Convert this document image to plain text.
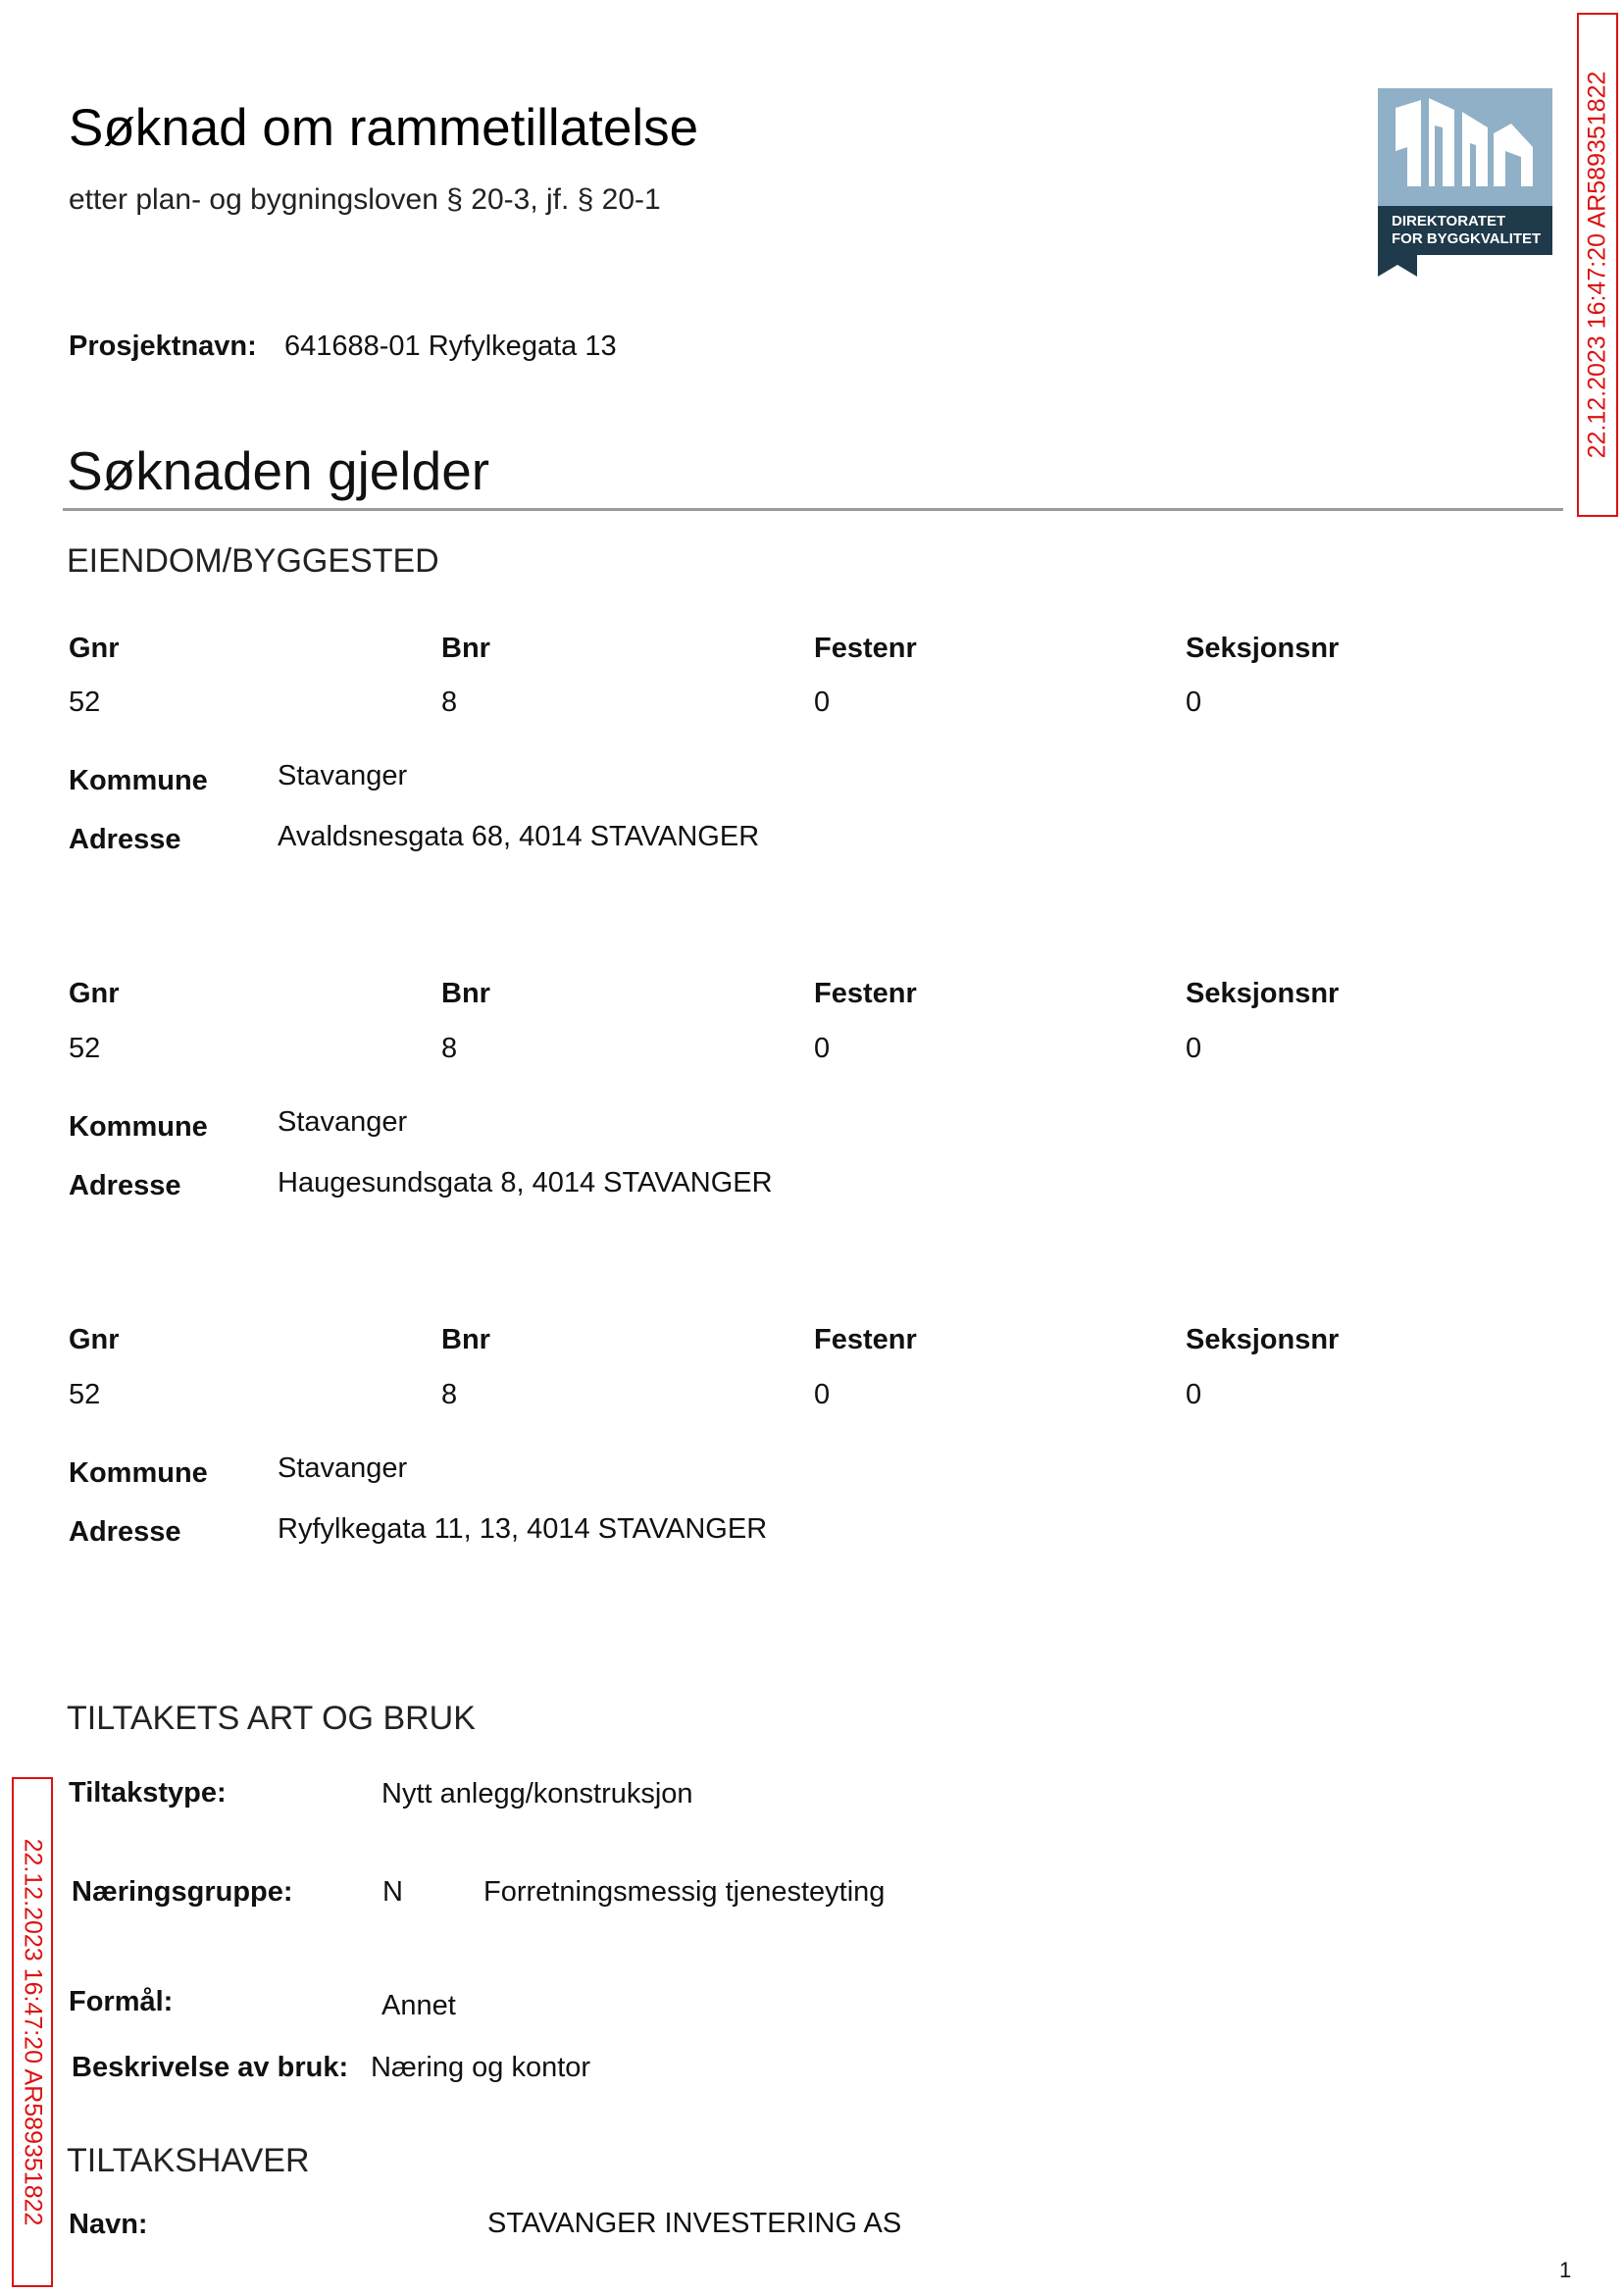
Søknad om rammetillatelse
etter plan- og bygningsloven § 20-3, jf. § 20-1
DIREKTORATET
FOR BYGGKVALITET 22.12.2023 16:47:20 AR589351822
Prosjektnavn: 641688-01 Ryfylkegata 13
Søknaden gjelder
EIENDOM/BYGGESTED
Gnr	Bnr	Festenr	Seksjonsnr
52	8	0	0
Kommune Stavanger
Adresse	Avaldsnesgata 68, 4014 STAVANGER
Gnr	Bnr	Festenr	Seksjonsnr
52	8	0	0
Kommune Stavanger
Adresse	Haugesundsgata 8, 4014 STAVANGER
Gnr	Bnr	Festenr	Seksjonsnr
52	8	0	0
Kommune Stavanger
Adresse	Ryfylkegata 11, 13, 4014 STAVANGER
TILTAKETS ART OG BRUK
Tiltakstype:	Nytt anlegg/konstruksjon
Næringsgruppe:	N	Forretningsmessig tjenesteyting
Formål:	Annet
Beskrivelse av bruk: Næring og kontor
TILTAKSHAVER
Navn:	STAVANGER INVESTERING AS
22.12.2023 16:47:20 AR589351822
1
